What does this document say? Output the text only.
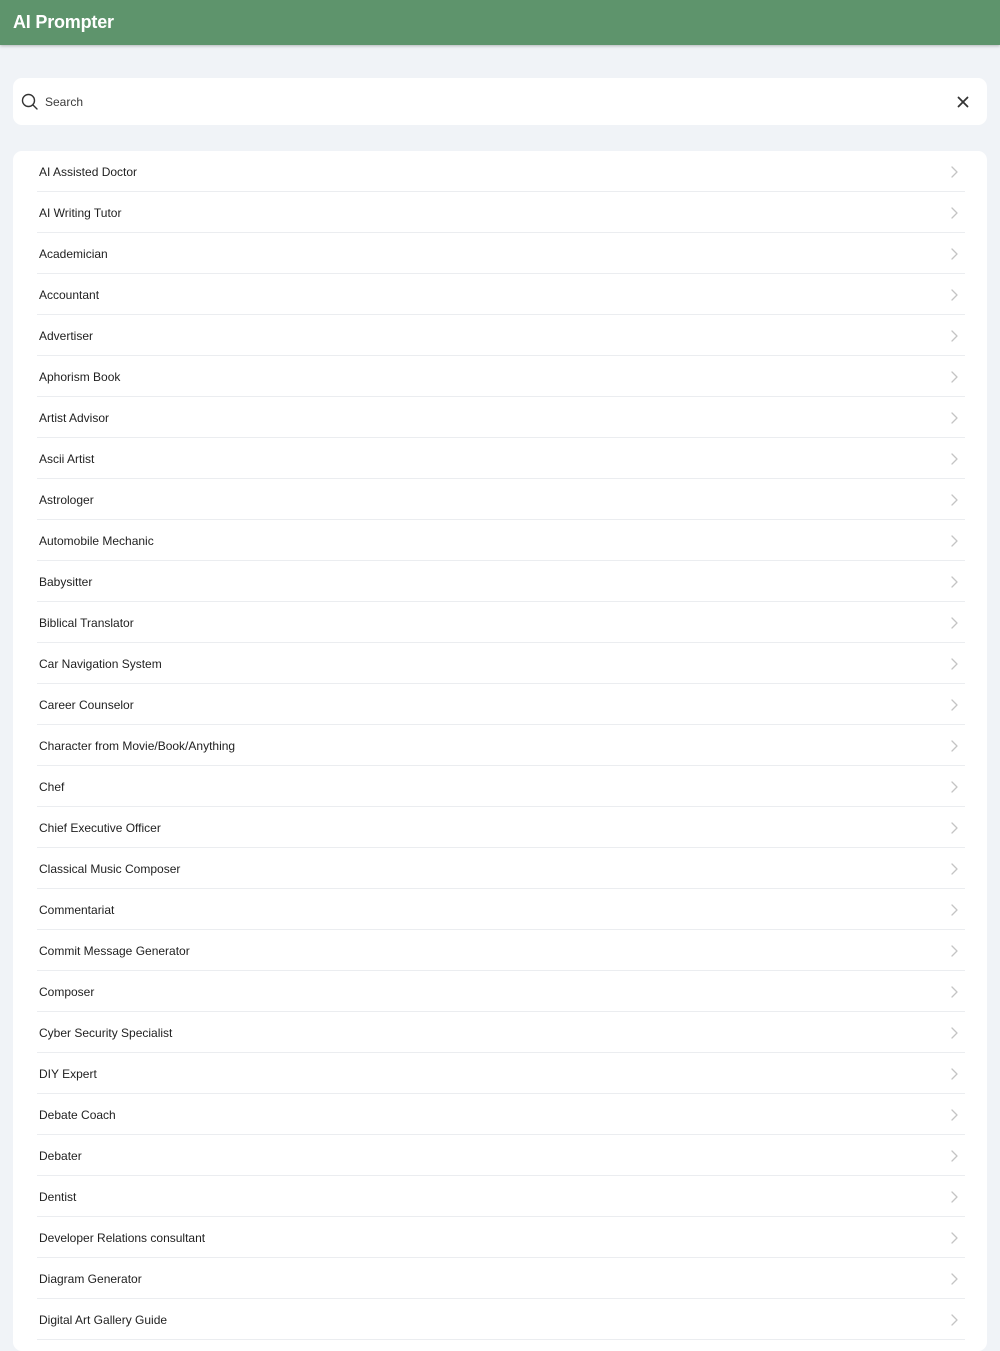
AI Prompter
Search
AI Assisted Doctor
AI Writing Tutor
Academician
Accountant
Advertiser
Aphorism Book
Artist Advisor
Ascii Artist
Astrologer
Automobile Mechanic
Babysitter
Biblical Translator
Car Navigation System
Career Counselor
Character from Movie/Book/Anything
Chef
Chief Executive Officer
Classical Music Composer
Commentariat
Commit Message Generator
Composer
Cyber Security Specialist
DIY Expert
Debate Coach
Debater
Dentist
Developer Relations consultant
Diagram Generator
Digital Art Gallery Guide
